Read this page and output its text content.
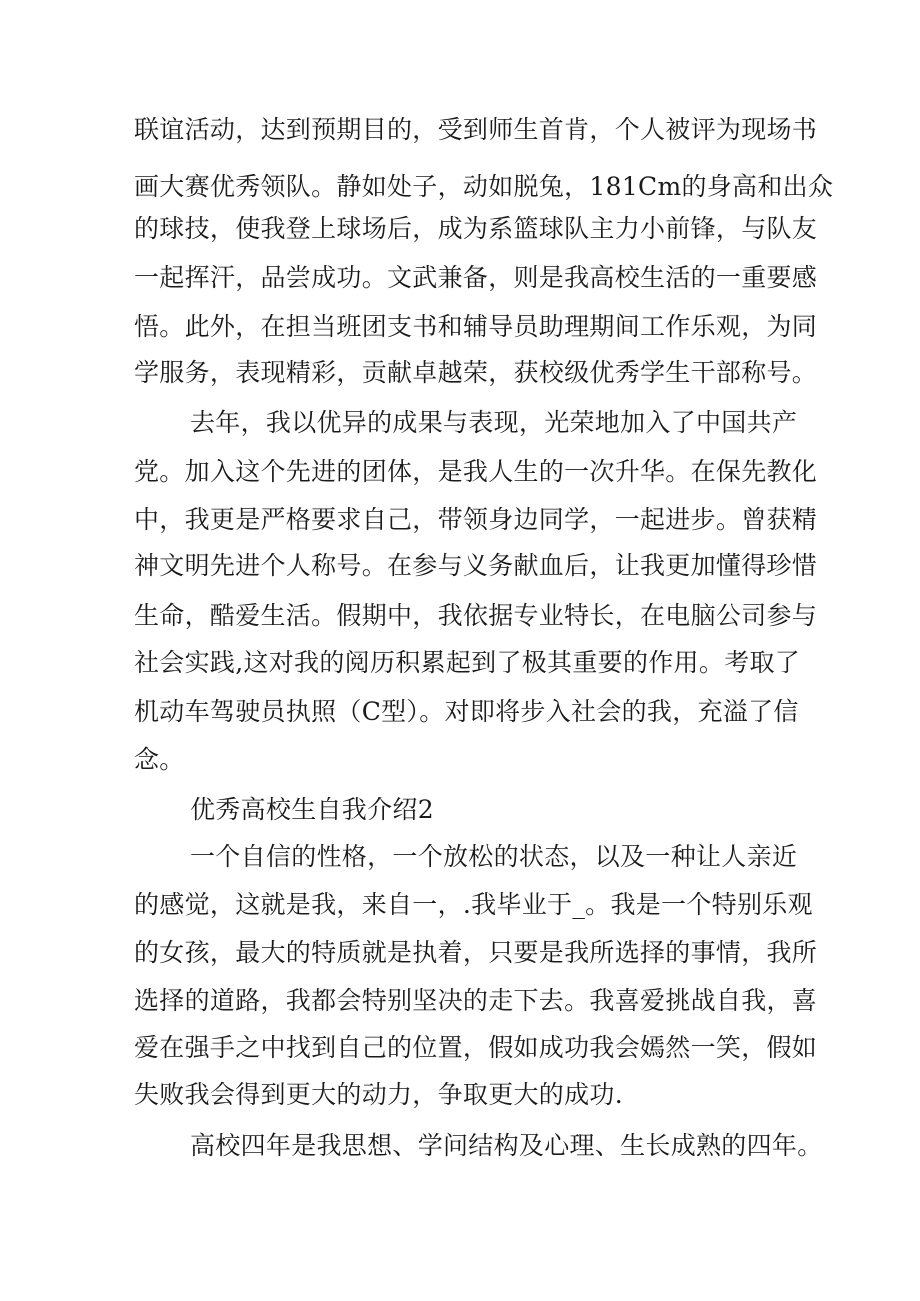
联谊活动，达到预期目的，受到师生首肯，个人被评为现场书
画大赛优秀领队。静如处子，动如脱兔，181Cm的身高和出众
的球技，使我登上球场后，成为系篮球队主力小前锋，与队友
一起挥汗，品尝成功。文武兼备，则是我高校生活的一重要感
悟。此外，在担当班团支书和辅导员助理期间工作乐观，为同
学服务，表现精彩，贡献卓越荣，获校级优秀学生干部称号。
去年，我以优异的成果与表现，光荣地加入了中国共产
党。加入这个先进的团体，是我人生的一次升华。在保先教化
中，我更是严格要求自己，带领身边同学，一起进步。曾获精
神文明先进个人称号。在参与义务献血后，让我更加懂得珍惜
生命，酷爱生活。假期中，我依据专业特长，在电脑公司参与
社会实践,这对我的阅历积累起到了极其重要的作用。考取了
机动车驾驶员执照（C型）。对即将步入社会的我，充溢了信
念。
优秀高校生自我介绍2
一个自信的性格，一个放松的状态，以及一种让人亲近
的感觉，这就是我，来自一，.我毕业于_。我是一个特别乐观
的女孩，最大的特质就是执着，只要是我所选择的事情，我所
选择的道路，我都会特别坚决的走下去。我喜爱挑战自我，喜
爱在强手之中找到自己的位置，假如成功我会嫣然一笑，假如
失败我会得到更大的动力，争取更大的成功.
高校四年是我思想、学问结构及心理、生长成熟的四年。
